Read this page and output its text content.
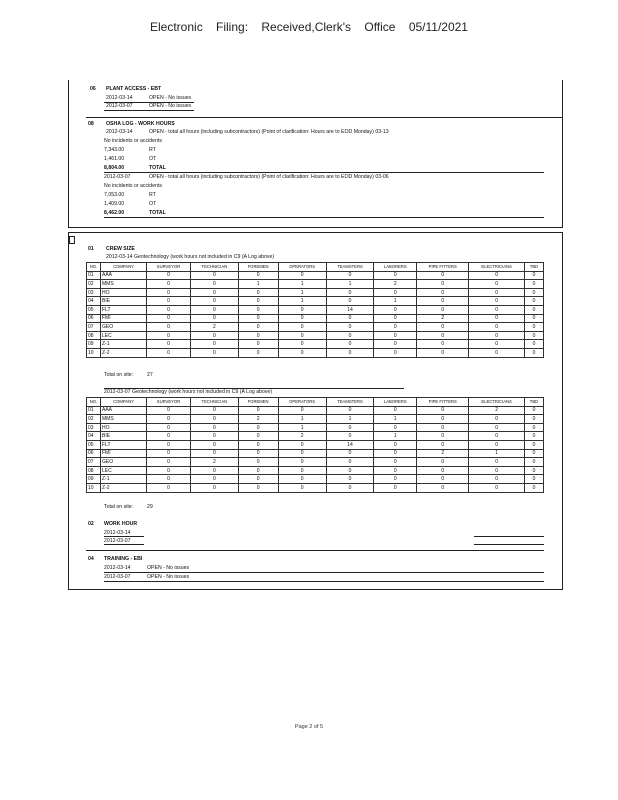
Electronic Filing: Received,Clerk's Office 05/11/2021
06 PLANT ACCESS - EBT
2012-03-14	OPEN - No issues
2012-03-07	OPEN - No issues
08 OSHA LOG - WORK HOURS
2012-03-14	OPEN - total all hours (including subcontractors) (Point of clarification: Hours are to EOD Monday) 03-13
No incidents or accidents
7,343.00	RT
1,461.00	OT
8,804.00	TOTAL
2012-03-07	OPEN - total all hours (including subcontractors) (Point of clarification: Hours are to EOD Monday) 03-06
No incidents or accidents
7,053.00	RT
1,409.00	OT
8,462.00	TOTAL
01 CREW SIZE
2012-03-14 Geotechnology (work hours not included in C9 (A Log above)
NO.	COMPANY	SURVEYOR	TECHNICIAN	FOREMEN	OPERATORS	TEAMSTERS	LABORERS	PIPE FITTERS	ELECTRICIANS	TBD
01	AAA	0	0	0	0	0	0	0	0	0
02	MMS	0	0	1	1	1	2	0	0	0
03	HO	0	0	0	1	0	0	0	0	0
04	BIE	0	0	0	1	0	1	0	0	0
05	FLT	0	0	0	0	14	0	0	0	0
06	FMI	0	0	0	0	0	0	2	0	0
07	GEO	0	2	0	0	0	0	0	0	0
08	LEC	0	0	0	0	0	0	0	0	0
09	Z-1	0	0	0	0	0	0	0	0	0
10	Z-2	0	0	0	0	0	0	0	0	0
Total on site:	27
2012-03-07 Geotechnology (work hours not included in C9 (A Log above)
NO.	COMPANY	SURVEYOR	TECHNICIAN	FOREMEN	OPERATORS	TEAMSTERS	LABORERS	PIPE FITTERS	ELECTRICIANS	TBD
01	AAA	0	0	0	0	0	0	0	2	0
02	MMS	0	0	2	1	1	1	0	0	0
03	HO	0	0	0	1	0	0	0	0	0
04	BIE	0	0	0	2	0	1	0	0	0
05	FLT	0	0	0	0	14	0	0	0	0
06	FMI	0	0	0	0	0	0	2	1	0
07	GEO	0	2	0	0	0	0	0	0	0
08	LEC	0	0	0	0	0	0	0	0	0
09	Z-1	0	0	0	0	0	0	0	0	0
10	Z-2	0	0	0	0	0	0	0	0	0
Total on site:	29
02 WORK HOUR
2012-03-14
2012-03-07
04 TRAINING - EBI
2012-03-14	OPEN - No issues
2012-03-07	OPEN - No issues
Page 2 of 5
